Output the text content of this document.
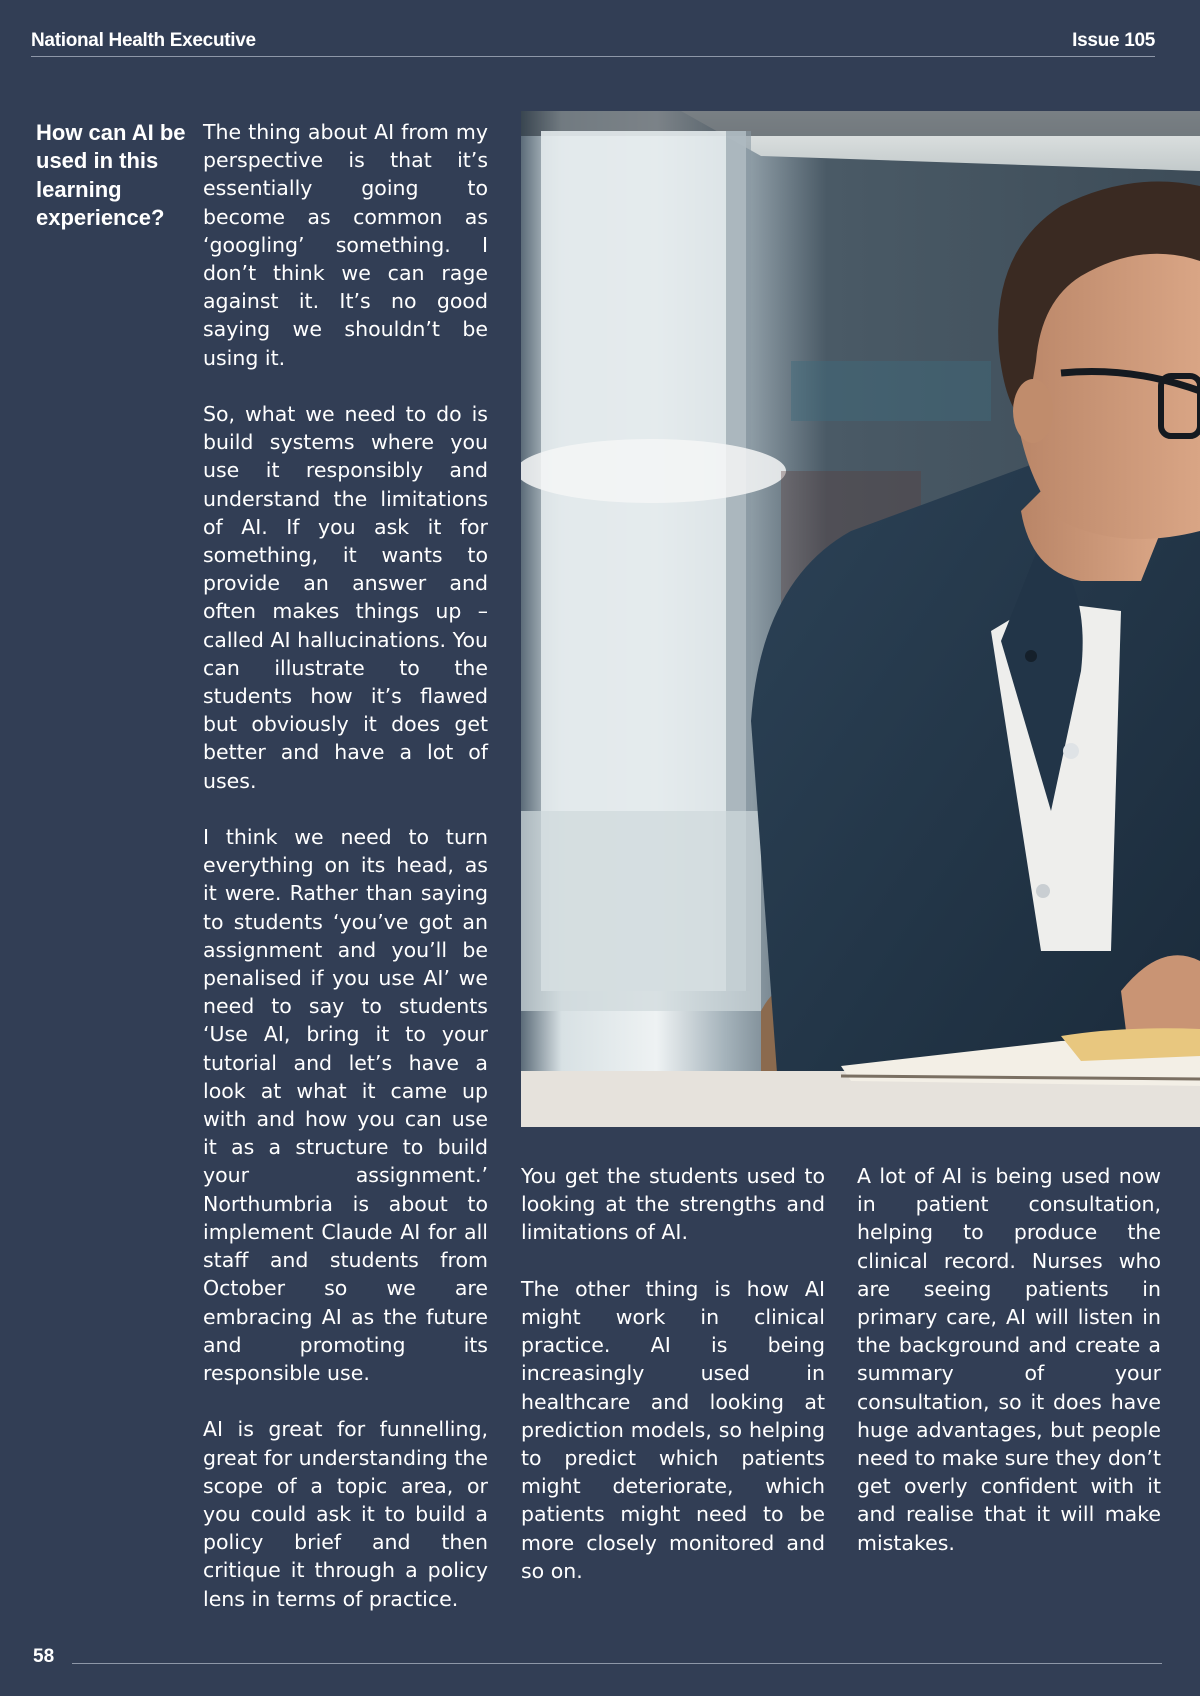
National Health Executive	Issue 105
How can AI be used in this learning experience?

The thing about AI from my perspective is that it’s essentially going to become as common as ‘googling’ something. I don’t think we can rage against it. It’s no good saying we shouldn’t be using it.

So, what we need to do is build systems where you use it responsibly and understand the limitations of AI. If you ask it for something, it wants to provide an answer and often makes things up – called AI hallucinations. You can illustrate to the students how it’s flawed but obviously it does get better and have a lot of uses.

I think we need to turn everything on its head, as it were. Rather than saying to students ‘you’ve got an assignment and you’ll be penalised if you use AI’ we need to say to students ‘Use AI, bring it to your tutorial and let’s have a look at what it came up with and how you can use it as a structure to build your assignment.’ Northumbria is about to implement Claude AI for all staff and students from October so we are embracing AI as the future and promoting its responsible use.

AI is great for funnelling, great for understanding the scope of a topic area, or you could ask it to build a policy brief and then critique it through a policy lens in terms of practice.

You get the students used to looking at the strengths and limitations of AI.

The other thing is how AI might work in clinical practice. AI is being increasingly used in healthcare and looking at prediction models, so helping to predict which patients might deteriorate, which patients might need to be more closely monitored and so on.

A lot of AI is being used now in patient consultation, helping to produce the clinical record. Nurses who are seeing patients in primary care, AI will listen in the background and create a summary of your consultation, so it does have huge advantages, but people need to make sure they don’t get overly confident with it and realise that it will make mistakes.

58
